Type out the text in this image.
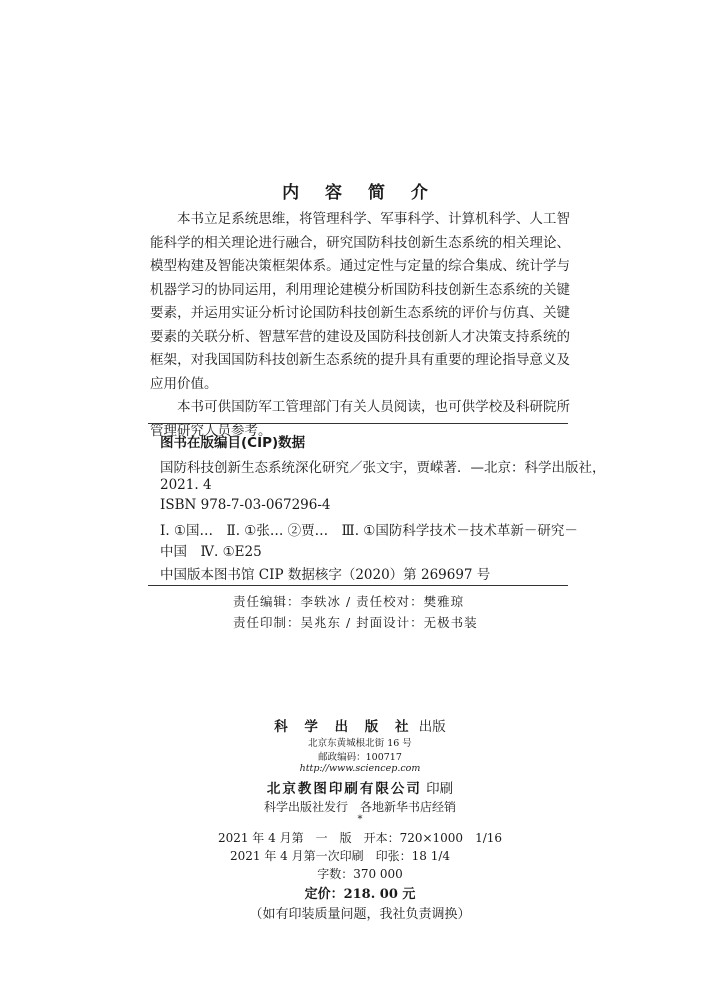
内 容 简 介

本书立足系统思维，将管理科学、军事科学、计算机科学、人工智能科学的相关理论进行融合，研究国防科技创新生态系统的相关理论、模型构建及智能决策框架体系。通过定性与定量的综合集成、统计学与机器学习的协同运用，利用理论建模分析国防科技创新生态系统的关键要素，并运用实证分析讨论国防科技创新生态系统的评价与仿真、关键要素的关联分析、智慧军营的建设及国防科技创新人才决策支持系统的框架，对我国国防科技创新生态系统的提升具有重要的理论指导意义及应用价值。

本书可供国防军工管理部门有关人员阅读，也可供学校及科研院所管理研究人员参考。

图书在版编目(CIP)数据
国防科技创新生态系统深化研究／张文宇，贾嵘著．—北京：科学出版社，
2021. 4
ISBN 978-7-03-067296-4
Ⅰ. ①国…　Ⅱ. ①张… ②贾…　Ⅲ. ①国防科学技术－技术革新－研究－
中国　Ⅳ. ①E25
中国版本图书馆 CIP 数据核字（2020）第 269697 号
责任编辑：李轶冰 / 责任校对：樊雅琼
责任印制：吴兆东 / 封面设计：无极书装
科 学 出 版 社 出版
北京东黄城根北街 16 号
邮政编码：100717
http://www.sciencep.com
北京教图印刷有限公司 印刷
科学出版社发行　各地新华书店经销
*
2021 年 4 月第　一　版　开本：720×1000　1/16
2021 年 4 月第一次印刷　印张：18 1/4
字数：370 000
定价：218. 00 元
（如有印装质量问题，我社负责调换）
